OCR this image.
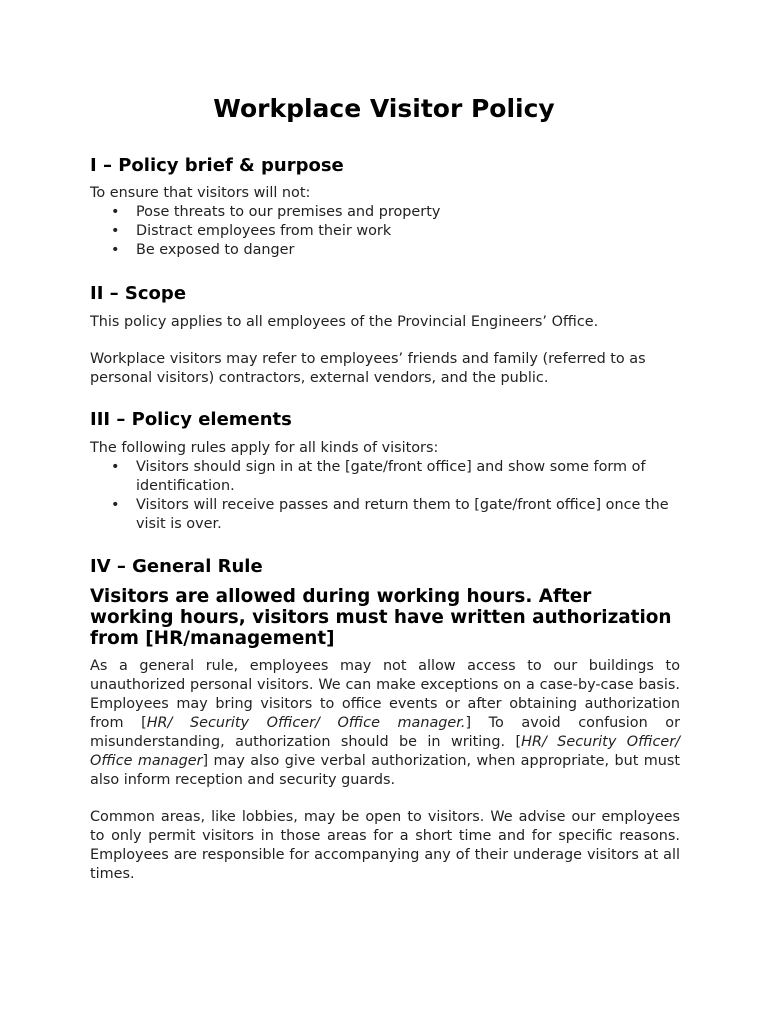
Workplace Visitor Policy
I – Policy brief & purpose

To ensure that visitors will not:

• Pose threats to our premises and property
• Distract employees from their work
• Be exposed to danger
II – Scope

This policy applies to all employees of the Provincial Engineers’ Office.

Workplace visitors may refer to employees’ friends and family (referred to as personal visitors) contractors, external vendors, and the public.

III – Policy elements

The following rules apply for all kinds of visitors:

• Visitors should sign in at the [gate/front office] and show some form of identification.
• Visitors will receive passes and return them to [gate/front office] once the visit is over.
IV – General Rule

Visitors are allowed during working hours. After working hours, visitors must have written authorization from [HR/management]

As a general rule, employees may not allow access to our buildings to unauthorized personal visitors. We can make exceptions on a case-by-case basis. Employees may bring visitors to office events or after obtaining authorization from [HR/ Security Officer/ Office manager.] To avoid confusion or misunderstanding, authorization should be in writing. [HR/ Security Officer/ Office manager] may also give verbal authorization, when appropriate, but must also inform reception and security guards.

Common areas, like lobbies, may be open to visitors. We advise our employees to only permit visitors in those areas for a short time and for specific reasons. Employees are responsible for accompanying any of their underage visitors at all times.
